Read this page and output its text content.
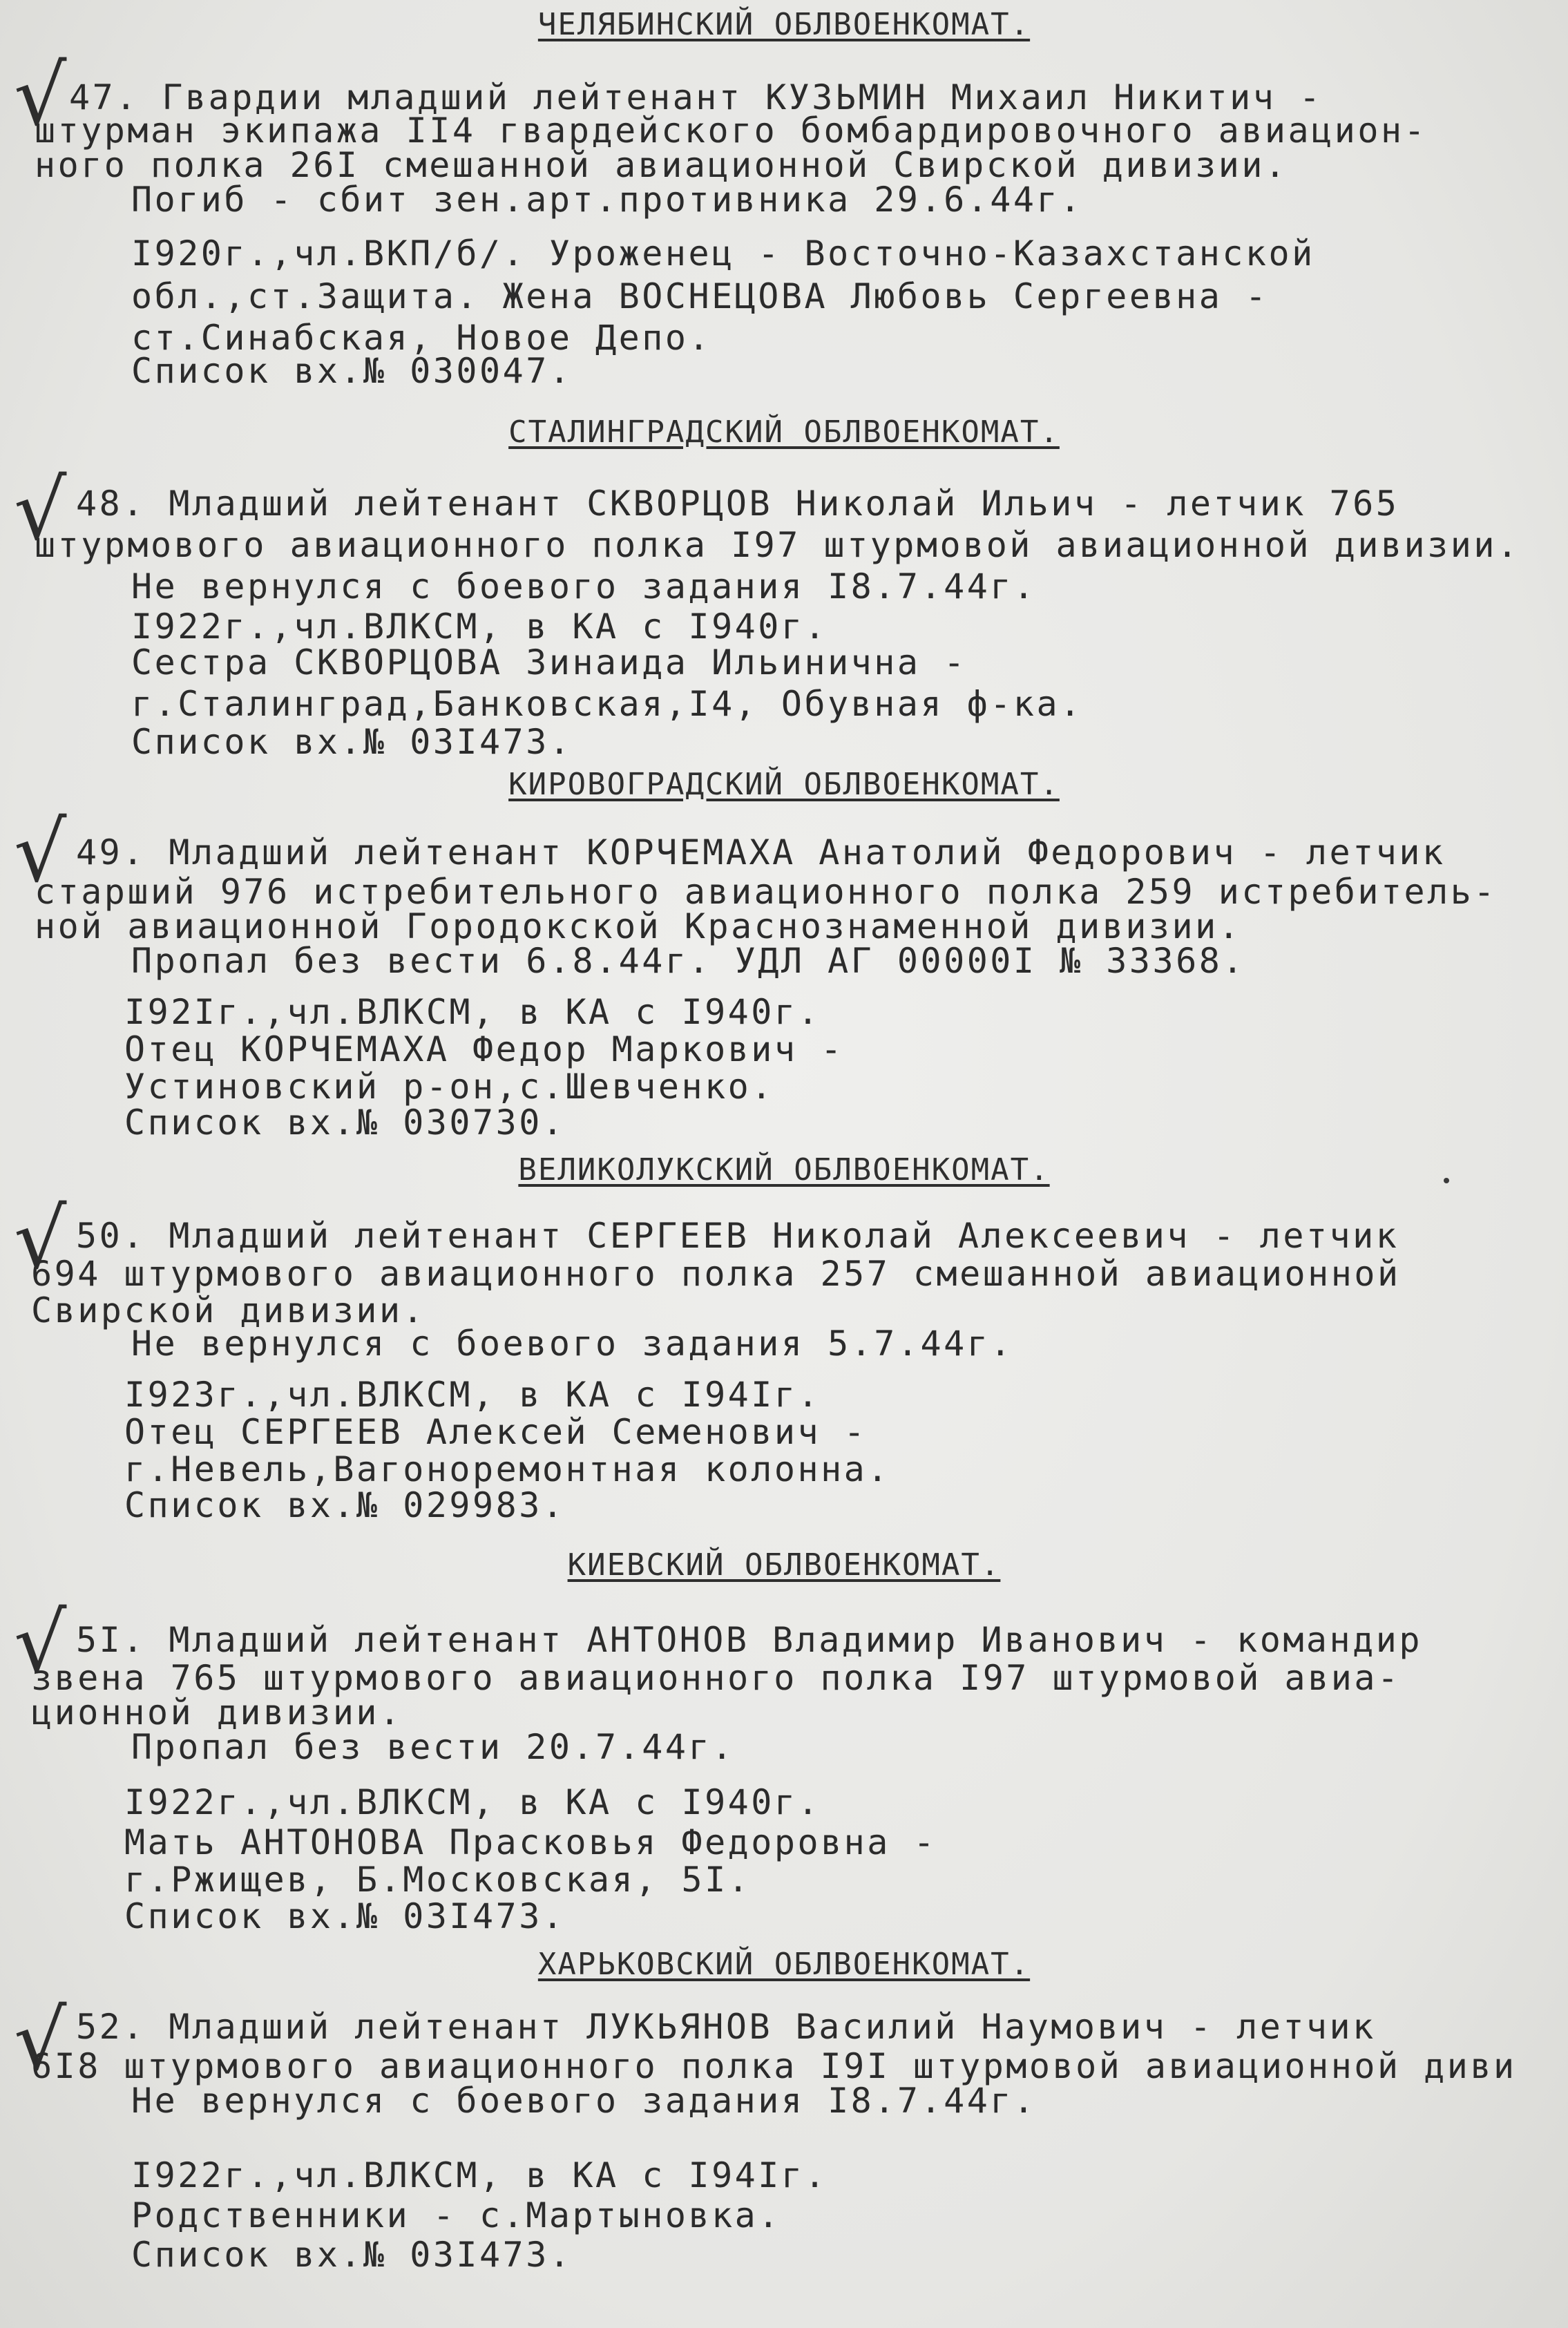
ЧЕЛЯБИНСКИЙ ОБЛВОЕНКОМАТ.
√ 47. Гвардии младший лейтенант КУЗЬМИН Михаил Никитич -
штурман экипажа II4 гвардейского бомбардировочного авиацион-
ного полка 26I смешанной авиационной Свирской дивизии.
Погиб - сбит зен.арт.противника 29.6.44г.
I920г.,чл.ВКП/б/. Уроженец - Восточно-Казахстанской
обл.,ст.Защита. Жена ВОСНЕЦОВА Любовь Сергеевна -
ст.Синабская, Новое Депо.
Список вх.№ 030047.
СТАЛИНГРАДСКИЙ ОБЛВОЕНКОМАТ.
√ 48. Младший лейтенант СКВОРЦОВ Николай Ильич - летчик 765
штурмового авиационного полка I97 штурмовой авиационной дивизии.
Не вернулся с боевого задания I8.7.44г.
I922г.,чл.ВЛКСМ, в КА с I940г.
Сестра СКВОРЦОВА Зинаида Ильинична -
г.Сталинград,Банковская,I4, Обувная ф-ка.
Список вх.№ 03I473.
КИРОВОГРАДСКИЙ ОБЛВОЕНКОМАТ.
√ 49. Младший лейтенант КОРЧЕМАХА Анатолий Федорович - летчик
старший 976 истребительного авиационного полка 259 истребитель-
ной авиационной Городокской Краснознаменной дивизии.
Пропал без вести 6.8.44г. УДЛ АГ 00000I № 33368.
I92Iг.,чл.ВЛКСМ, в КА с I940г.
Отец КОРЧЕМАХА Федор Маркович -
Устиновский р-он,с.Шевченко.
Список вх.№ 030730.
ВЕЛИКОЛУКСКИЙ ОБЛВОЕНКОМАТ.
√ 50. Младший лейтенант СЕРГЕЕВ Николай Алексеевич - летчик
694 штурмового авиационного полка 257 смешанной авиационной
Свирской дивизии.
Не вернулся с боевого задания 5.7.44г.
I923г.,чл.ВЛКСМ, в КА с I94Iг.
Отец СЕРГЕЕВ Алексей Семенович -
г.Невель,Вагоноремонтная колонна.
Список вх.№ 029983.
КИЕВСКИЙ ОБЛВОЕНКОМАТ.
√ 5I. Младший лейтенант АНТОНОВ Владимир Иванович - командир
звена 765 штурмового авиационного полка I97 штурмовой авиа-
ционной дивизии.
Пропал без вести 20.7.44г.
I922г.,чл.ВЛКСМ, в КА с I940г.
Мать АНТОНОВА Прасковья Федоровна -
г.Ржищев, Б.Московская, 5I.
Список вх.№ 03I473.
ХАРЬКОВСКИЙ ОБЛВОЕНКОМАТ.
√ 52. Младший лейтенант ЛУКЬЯНОВ Василий Наумович - летчик
6I8 штурмового авиационного полка I9I штурмовой авиационной диви
Не вернулся с боевого задания I8.7.44г.
I922г.,чл.ВЛКСМ, в КА с I94Iг.
Родственники - с.Мартыновка.
Список вх.№ 03I473.
